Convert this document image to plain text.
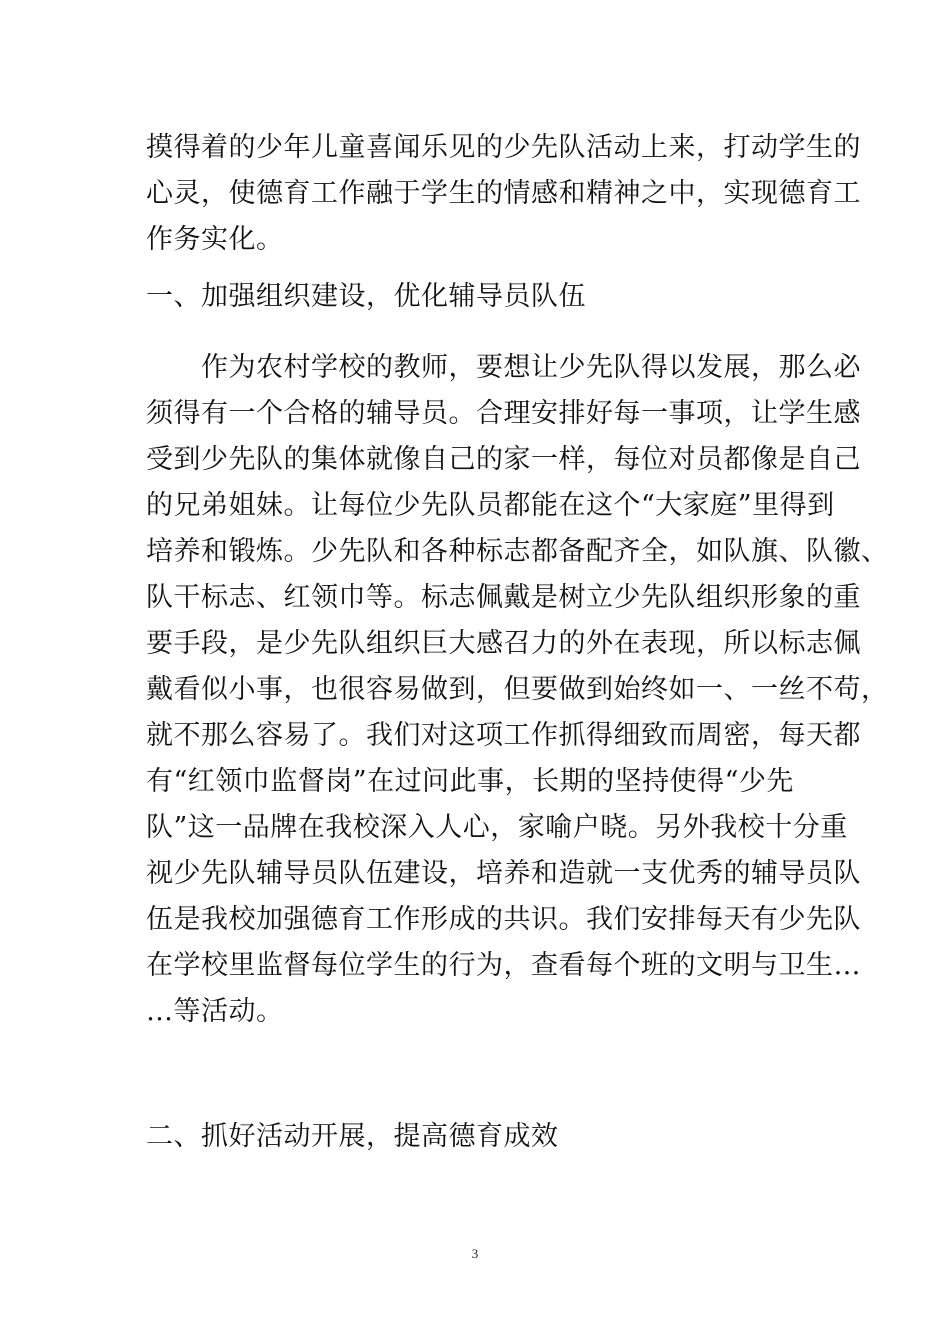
摸得着的少年儿童喜闻乐见的少先队活动上来，打动学生的
心灵，使德育工作融于学生的情感和精神之中，实现德育工
作务实化。
一、加强组织建设，优化辅导员队伍
　　作为农村学校的教师，要想让少先队得以发展，那么必
须得有一个合格的辅导员。合理安排好每一事项，让学生感
受到少先队的集体就像自己的家一样，每位对员都像是自己
的兄弟姐妹。让每位少先队员都能在这个“大家庭”里得到
培养和锻炼。少先队和各种标志都备配齐全，如队旗、队徽、
队干标志、红领巾等。标志佩戴是树立少先队组织形象的重
要手段，是少先队组织巨大感召力的外在表现，所以标志佩
戴看似小事，也很容易做到，但要做到始终如一、一丝不苟，
就不那么容易了。我们对这项工作抓得细致而周密，每天都
有“红领巾监督岗”在过问此事，长期的坚持使得“少先
队”这一品牌在我校深入人心，家喻户晓。另外我校十分重
视少先队辅导员队伍建设，培养和造就一支优秀的辅导员队
伍是我校加强德育工作形成的共识。我们安排每天有少先队
在学校里监督每位学生的行为，查看每个班的文明与卫生…
…等活动。
二、抓好活动开展，提高德育成效
3
